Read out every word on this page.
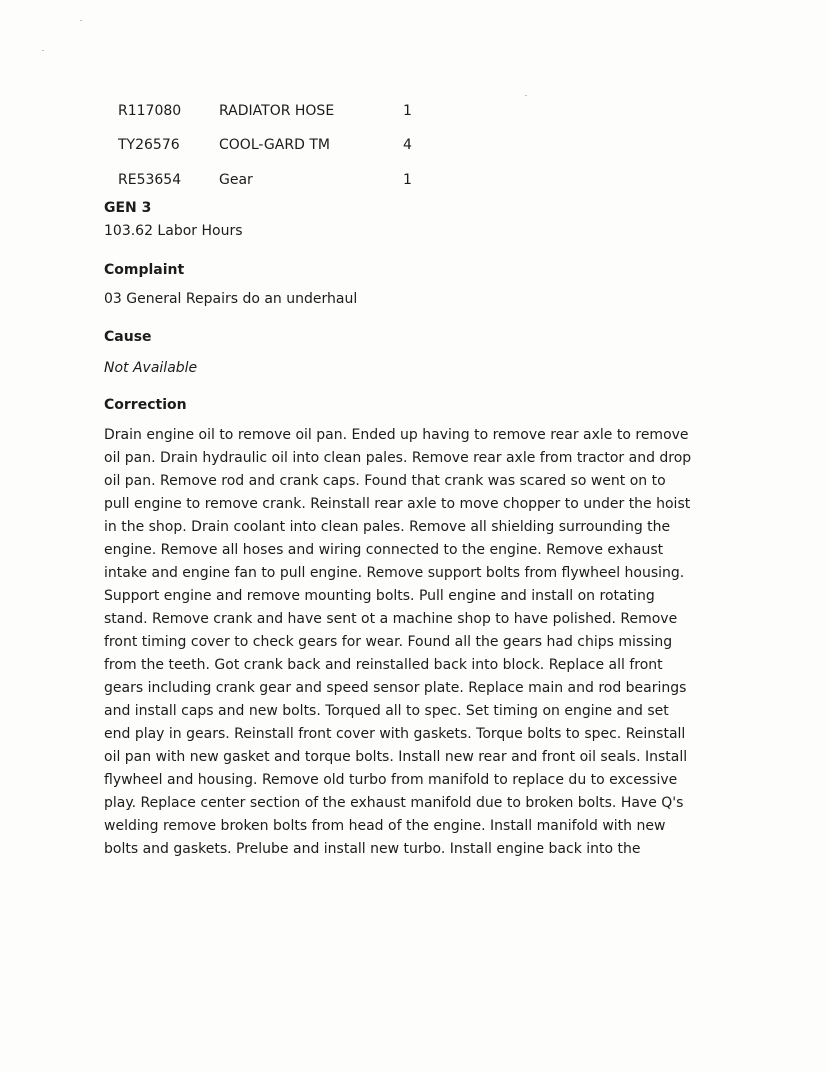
R117080	RADIATOR HOSE	1
TY26576	COOL-GARD TM	4
RE53654	Gear	1
GEN 3
103.62 Labor Hours
Complaint
03 General Repairs do an underhaul
Cause
Not Available
Correction
Drain engine oil to remove oil pan. Ended up having to remove rear axle to remove
oil pan. Drain hydraulic oil into clean pales. Remove rear axle from tractor and drop
oil pan. Remove rod and crank caps. Found that crank was scared so went on to
pull engine to remove crank. Reinstall rear axle to move chopper to under the hoist
in the shop. Drain coolant into clean pales. Remove all shielding surrounding the
engine. Remove all hoses and wiring connected to the engine. Remove exhaust
intake and engine fan to pull engine. Remove support bolts from flywheel housing.
Support engine and remove mounting bolts. Pull engine and install on rotating
stand. Remove crank and have sent ot a machine shop to have polished. Remove
front timing cover to check gears for wear. Found all the gears had chips missing
from the teeth. Got crank back and reinstalled back into block. Replace all front
gears including crank gear and speed sensor plate. Replace main and rod bearings
and install caps and new bolts. Torqued all to spec. Set timing on engine and set
end play in gears. Reinstall front cover with gaskets. Torque bolts to spec. Reinstall
oil pan with new gasket and torque bolts. Install new rear and front oil seals. Install
flywheel and housing. Remove old turbo from manifold to replace du to excessive
play. Replace center section of the exhaust manifold due to broken bolts. Have Q's
welding remove broken bolts from head of the engine. Install manifold with new
bolts and gaskets. Prelube and install new turbo. Install engine back into the
